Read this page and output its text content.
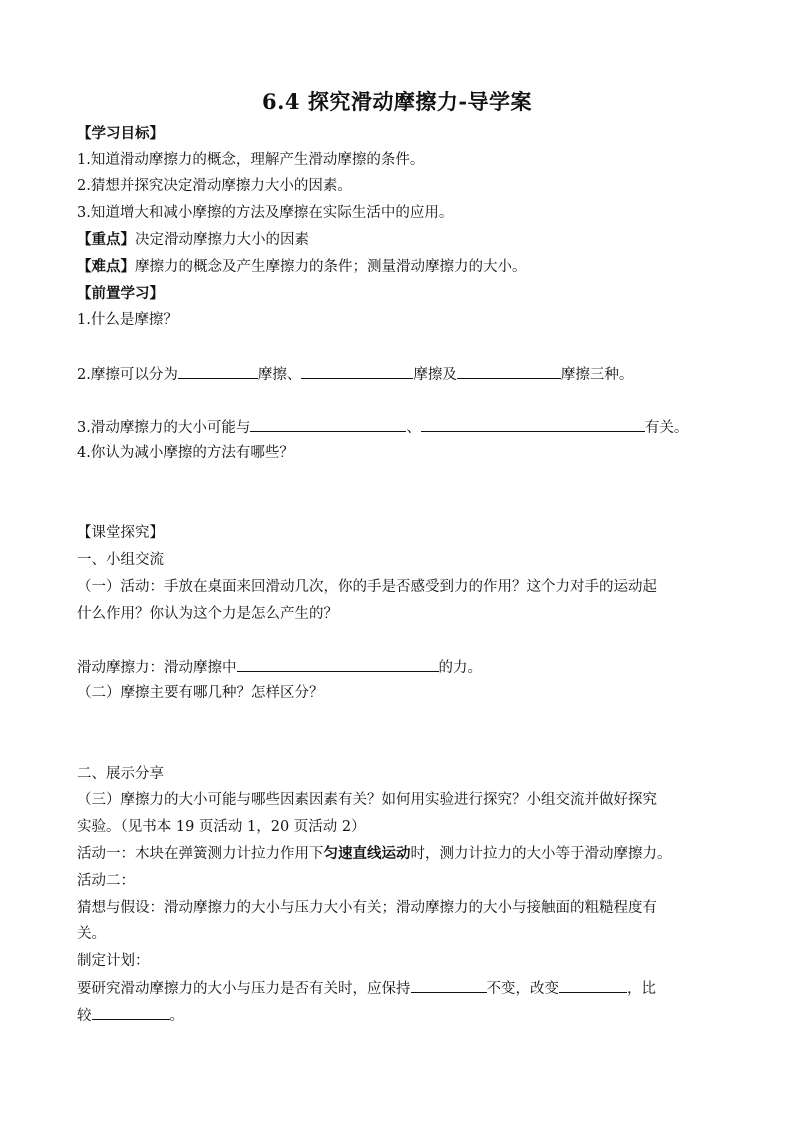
6.4 探究滑动摩擦力-导学案
【学习目标】
1.知道滑动摩擦力的概念，理解产生滑动摩擦的条件。
2.猜想并探究决定滑动摩擦力大小的因素。
3.知道增大和减小摩擦的方法及摩擦在实际生活中的应用。
【重点】决定滑动摩擦力大小的因素
【难点】摩擦力的概念及产生摩擦力的条件；测量滑动摩擦力的大小。
【前置学习】
1.什么是摩擦？
2.摩擦可以分为	摩擦、	摩擦及	摩擦三种。
3.滑动摩擦力的大小可能与	、	有关。
4.你认为减小摩擦的方法有哪些？
【课堂探究】
一、小组交流
（一）活动：手放在桌面来回滑动几次，你的手是否感受到力的作用？这个力对手的运动起
什么作用？你认为这个力是怎么产生的？
滑动摩擦力：滑动摩擦中	的力。
（二）摩擦主要有哪几种？怎样区分？
二、展示分享
（三）摩擦力的大小可能与哪些因素因素有关？如何用实验进行探究？小组交流并做好探究
实验。（见书本 19 页活动 1，20 页活动 2）
活动一：木块在弹簧测力计拉力作用下匀速直线运动时，测力计拉力的大小等于滑动摩擦力。
活动二：
猜想与假设：滑动摩擦力的大小与压力大小有关；滑动摩擦力的大小与接触面的粗糙程度有
关。
制定计划：
要研究滑动摩擦力的大小与压力是否有关时，应保持	不变，改变	，比
较	。
